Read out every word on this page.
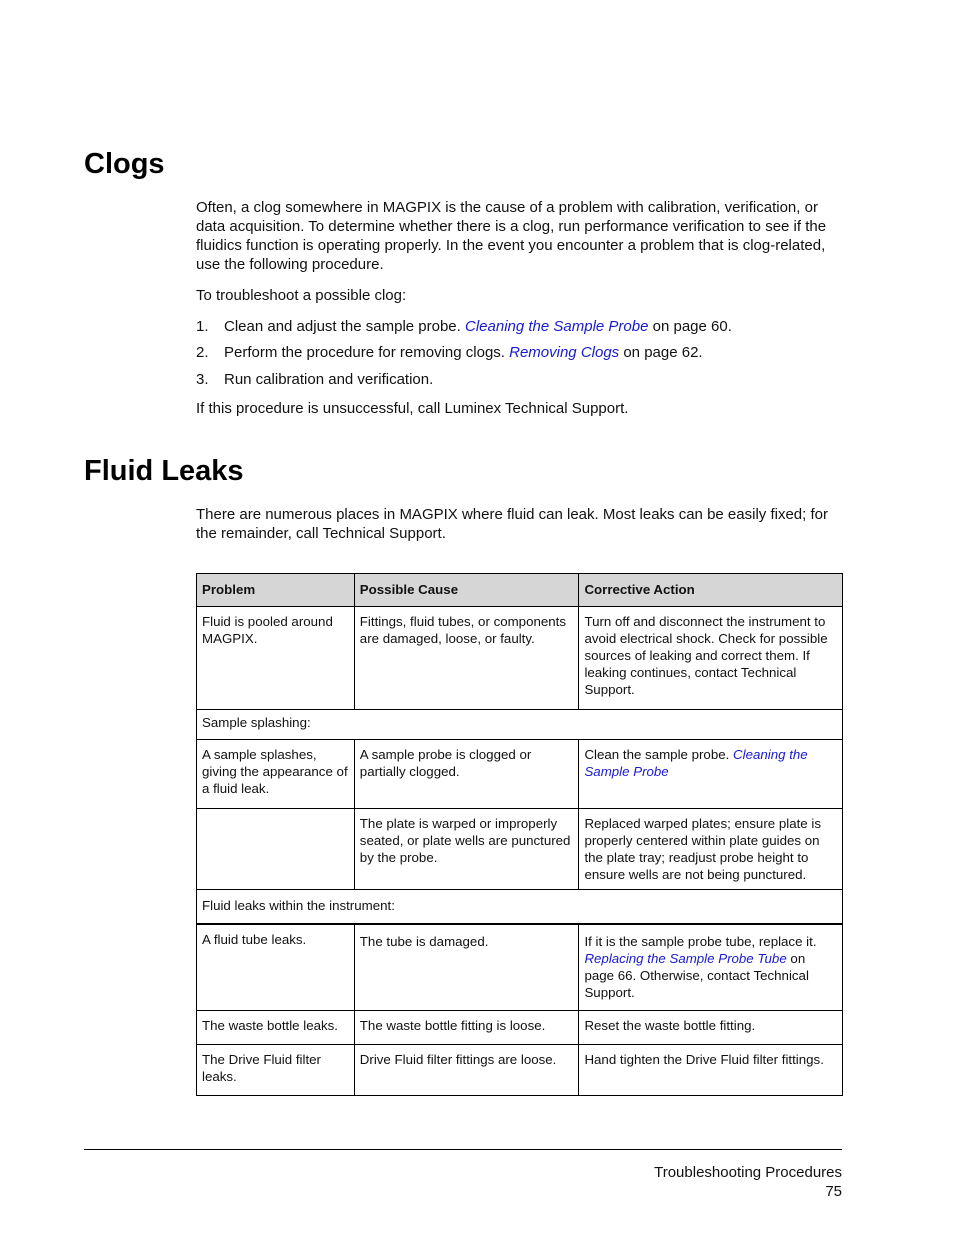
Clogs

Often, a clog somewhere in MAGPIX is the cause of a problem with calibration, verification, or data acquisition. To determine whether there is a clog, run performance verification to see if the fluidics function is operating properly. In the event you encounter a problem that is clog-related, use the following procedure.

To troubleshoot a possible clog:

1. Clean and adjust the sample probe. Cleaning the Sample Probe on page 60.
2. Perform the procedure for removing clogs. Removing Clogs on page 62.
3. Run calibration and verification.

If this procedure is unsuccessful, call Luminex Technical Support.

Fluid Leaks

There are numerous places in MAGPIX where fluid can leak. Most leaks can be easily fixed; for the remainder, call Technical Support.

Problem	Possible Cause	Corrective Action
Fluid is pooled around MAGPIX.	Fittings, fluid tubes, or components are damaged, loose, or faulty.	Turn off and disconnect the instrument to avoid electrical shock. Check for possible sources of leaking and correct them. If leaking continues, contact Technical Support.
Sample splashing:		
A sample splashes, giving the appearance of a fluid leak.	A sample probe is clogged or partially clogged.	Clean the sample probe. Cleaning the Sample Probe
	The plate is warped or improperly seated, or plate wells are punctured by the probe.	Replaced warped plates; ensure plate is properly centered within plate guides on the plate tray; readjust probe height to ensure wells are not being punctured.
Fluid leaks within the instrument:		
A fluid tube leaks.	The tube is damaged.	If it is the sample probe tube, replace it. Replacing the Sample Probe Tube on page 66. Otherwise, contact Technical Support.
The waste bottle leaks.	The waste bottle fitting is loose.	Reset the waste bottle fitting.
The Drive Fluid filter leaks.	Drive Fluid filter fittings are loose.	Hand tighten the Drive Fluid filter fittings.
Troubleshooting Procedures
75
